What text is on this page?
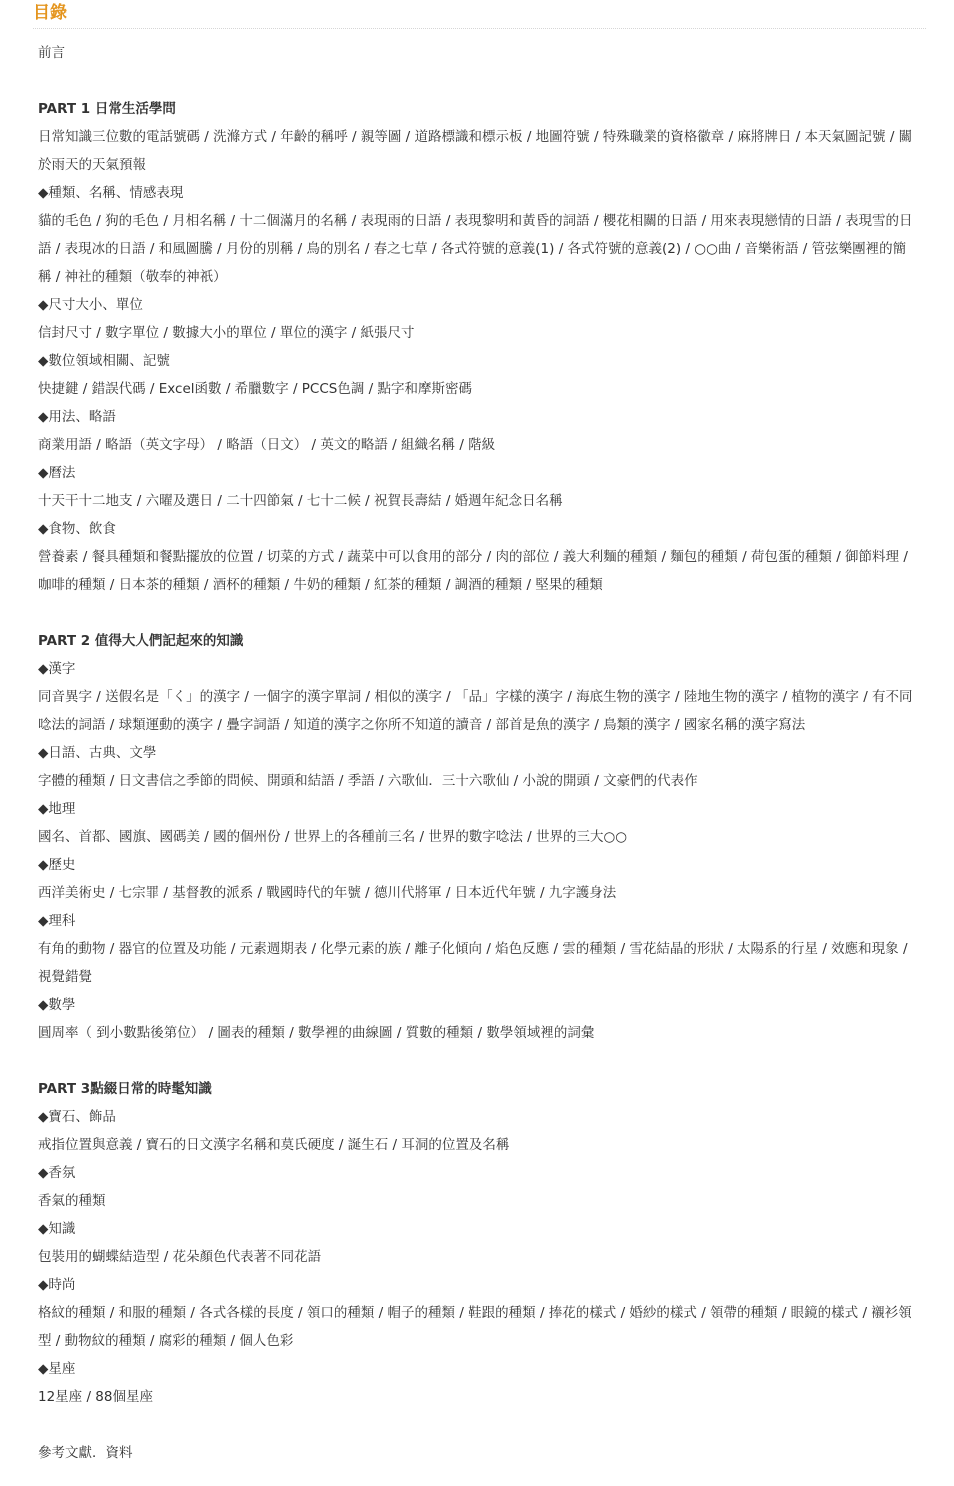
目錄
前言
PART 1 日常生活學問
日常知識三位數的電話號碼 / 洗滌方式 / 年齡的稱呼 / 親等圖 / 道路標識和標示板 / 地圖符號 / 特殊職業的資格徽章 / 麻將牌日 / 本天氣圖記號 / 關於雨天的天氣預報
◆種類、名稱、情感表現
貓的毛色 / 狗的毛色 / 月相名稱 / 十二個滿月的名稱 / 表現雨的日語 / 表現黎明和黃昏的詞語 / 櫻花相關的日語 / 用來表現戀情的日語 / 表現雪的日語 / 表現冰的日語 / 和風圖騰 / 月份的別稱 / 鳥的別名 / 春之七草 / 各式符號的意義(1) / 各式符號的意義(2) / ○○曲 / 音樂術語 / 管弦樂團裡的簡稱 / 神社的種類（敬奉的神祇）
◆尺寸大小、單位
信封尺寸 / 數字單位 / 數據大小的單位 / 單位的漢字 / 紙張尺寸
◆數位領域相關、記號
快捷鍵 / 錯誤代碼 / Excel函數 / 希臘數字 / PCCS色調 / 點字和摩斯密碼
◆用法、略語
商業用語 / 略語（英文字母） / 略語（日文） / 英文的略語 / 組織名稱 / 階級
◆曆法
十天干十二地支 / 六曜及選日 / 二十四節氣 / 七十二候 / 祝賀長壽結 / 婚週年紀念日名稱
◆食物、飲食
營養素 / 餐具種類和餐點擺放的位置 / 切菜的方式 / 蔬菜中可以食用的部分 / 肉的部位 / 義大利麵的種類 / 麵包的種類 / 荷包蛋的種類 / 御節料理 / 咖啡的種類 / 日本茶的種類 / 酒杯的種類 / 牛奶的種類 / 紅茶的種類 / 調酒的種類 / 堅果的種類
PART 2 值得大人們記起來的知識
◆漢字
同音異字 / 送假名是「く」的漢字 / 一個字的漢字單詞 / 相似的漢字 / 「品」字樣的漢字 / 海底生物的漢字 / 陸地生物的漢字 / 植物的漢字 / 有不同唸法的詞語 / 球類運動的漢字 / 疊字詞語 / 知道的漢字之你所不知道的讀音 / 部首是魚的漢字 / 鳥類的漢字 / 國家名稱的漢字寫法
◆日語、古典、文學
字體的種類 / 日文書信之季節的問候、開頭和結語 / 季語 / 六歌仙．三十六歌仙 / 小說的開頭 / 文豪們的代表作
◆地理
國名、首都、國旗、國碼美 / 國的個州份 / 世界上的各種前三名 / 世界的數字唸法 / 世界的三大○○
◆歷史
西洋美術史 / 七宗罪 / 基督教的派系 / 戰國時代的年號 / 德川代將軍 / 日本近代年號 / 九字護身法
◆理科
有角的動物 / 器官的位置及功能 / 元素週期表 / 化學元素的族 / 離子化傾向 / 焰色反應 / 雲的種類 / 雪花結晶的形狀 / 太陽系的行星 / 效應和現象 / 視覺錯覺
◆數學
圓周率（ 到小數點後第位） / 圖表的種類 / 數學裡的曲線圖 / 質數的種類 / 數學領域裡的詞彙
PART 3點綴日常的時髦知識
◆寶石、飾品
戒指位置與意義 / 寶石的日文漢字名稱和莫氏硬度 / 誕生石 / 耳洞的位置及名稱
◆香氛
香氣的種類
◆知識
包裝用的蝴蝶結造型 / 花朵顏色代表著不同花語
◆時尚
格紋的種類 / 和服的種類 / 各式各樣的長度 / 領口的種類 / 帽子的種類 / 鞋跟的種類 / 捧花的樣式 / 婚紗的樣式 / 領帶的種類 / 眼鏡的樣式 / 襯衫領型 / 動物紋的種類 / 腐彩的種類 / 個人色彩
◆星座
12星座 / 88個星座
參考文獻．資料
